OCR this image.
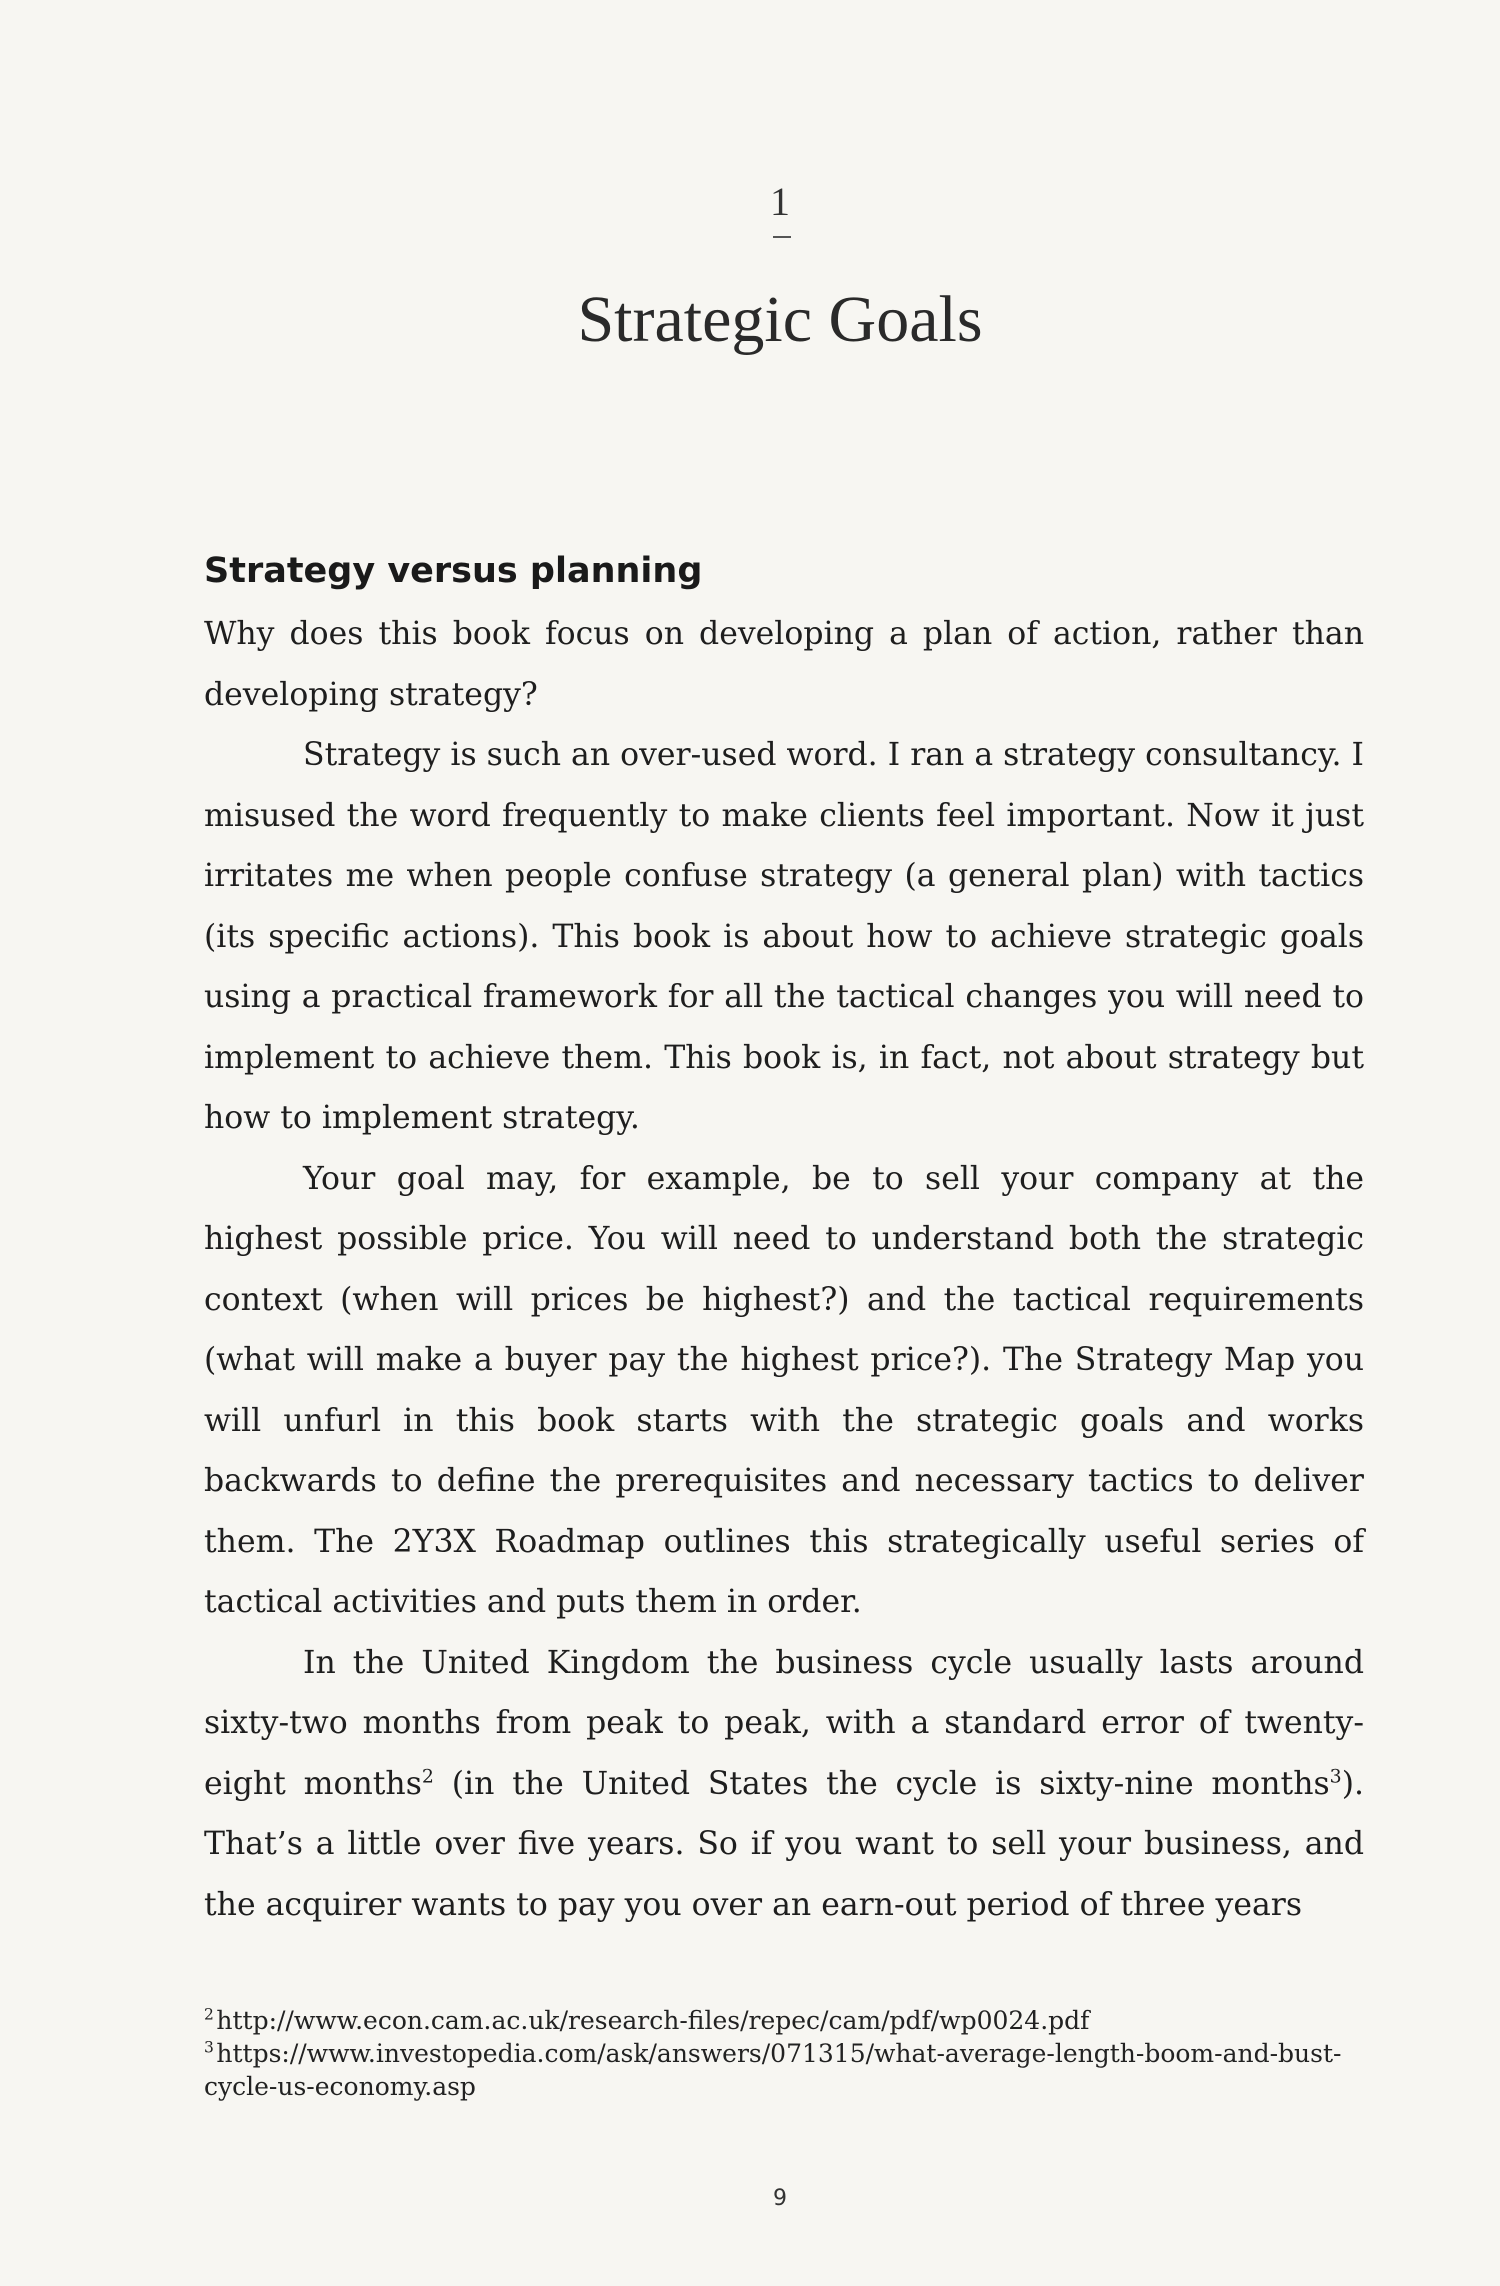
1
Strategic Goals
Strategy versus planning

Why does this book focus on developing a plan of action, rather than developing strategy?

Strategy is such an over-used word. I ran a strategy consultancy. I misused the word frequently to make clients feel important. Now it just irritates me when people confuse strategy (a general plan) with tactics (its specific actions). This book is about how to achieve strategic goals using a practical framework for all the tactical changes you will need to implement to achieve them. This book is, in fact, not about strategy but how to implement strategy.

Your goal may, for example, be to sell your company at the highest possible price. You will need to understand both the strategic context (when will prices be highest?) and the tactical requirements (what will make a buyer pay the highest price?). The Strategy Map you will unfurl in this book starts with the strategic goals and works backwards to define the prerequisites and necessary tactics to deliver them. The 2Y3X Roadmap outlines this strategically useful series of tactical activities and puts them in order.

In the United Kingdom the business cycle usually lasts around sixty-two months from peak to peak, with a standard error of twenty-eight months$^2$ (in the United States the cycle is sixty-nine months$^3$). That’s a little over five years. So if you want to sell your business, and the acquirer wants to pay you over an earn-out period of three years

$^2$  http://www.econ.cam.ac.uk/research-files/repec/cam/pdf/wp0024.pdf

$^3$  https://www.investopedia.com/ask/answers/071315/what-average-length-boom-and-bust-cycle-us-economy.asp

9
